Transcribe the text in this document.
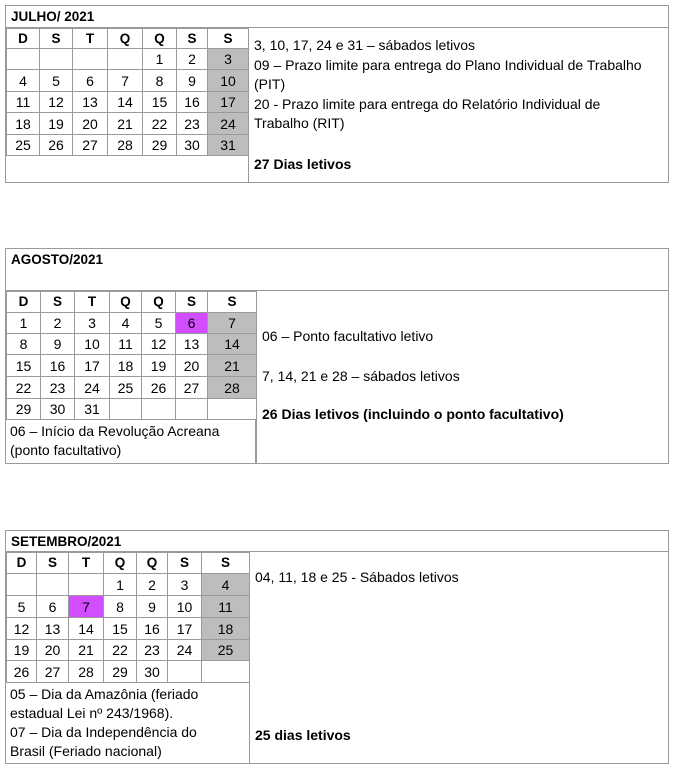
JULHO/ 2021
D	S	T	Q	Q	S	S
				1	2	3
4	5	6	7	8	9	10
11	12	13	14	15	16	17
18	19	20	21	22	23	24
25	26	27	28	29	30	31
3, 10, 17, 24 e 31 – sábados letivos
09 – Prazo limite para entrega do Plano Individual de Trabalho (PIT)
20 - Prazo limite para entrega do Relatório Individual de Trabalho (RIT)
27 Dias letivos
AGOSTO/2021
D	S	T	Q	Q	S	S
1	2	3	4	5	6	7
8	9	10	11	12	13	14
15	16	17	18	19	20	21
22	23	24	25	26	27	28
29	30	31				
06 – Início da Revolução Acreana (ponto facultativo)
06 – Ponto facultativo letivo
7, 14, 21 e 28 – sábados letivos
26 Dias letivos (incluindo o ponto facultativo)
SETEMBRO/2021
D	S	T	Q	Q	S	S
			1	2	3	4
5	6	7	8	9	10	11
12	13	14	15	16	17	18
19	20	21	22	23	24	25
26	27	28	29	30		
05 – Dia da Amazônia (feriado estadual Lei nº 243/1968).
07 – Dia da Independência do Brasil (Feriado nacional)
04, 11, 18 e 25 - Sábados letivos
25 dias letivos
